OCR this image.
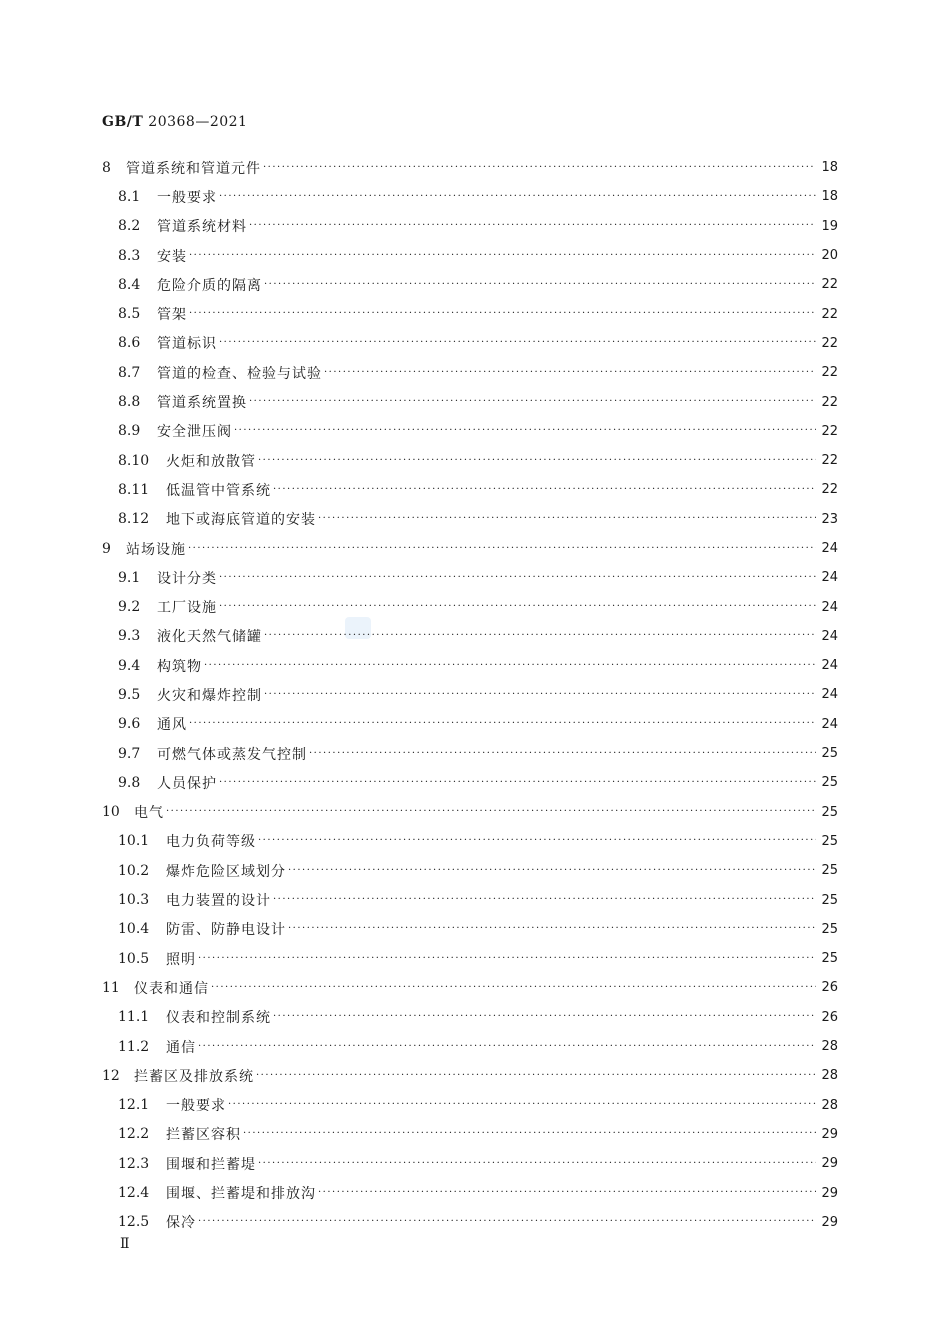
GB/T 20368—2021
8	管道系统和管道元件 ·····	18
8.1	一般要求 ·····	18
8.2	管道系统材料 ·····	19
8.3	安装 ·····	20
8.4	危险介质的隔离 ·····	22
8.5	管架 ·····	22
8.6	管道标识 ·····	22
8.7	管道的检查、检验与试验 ·····	22
8.8	管道系统置换 ·····	22
8.9	安全泄压阀 ·····	22
8.10	火炬和放散管 ·····	22
8.11	低温管中管系统 ·····	22
8.12	地下或海底管道的安装 ·····	23
9	站场设施 ·····	24
9.1	设计分类 ·····	24
9.2	工厂设施 ·····	24
9.3	液化天然气储罐 ·····	24
9.4	构筑物 ·····	24
9.5	火灾和爆炸控制 ·····	24
9.6	通风 ·····	24
9.7	可燃气体或蒸发气控制 ·····	25
9.8	人员保护 ·····	25
10	电气 ·····	25
10.1	电力负荷等级 ·····	25
10.2	爆炸危险区域划分 ·····	25
10.3	电力装置的设计 ·····	25
10.4	防雷、防静电设计 ·····	25
10.5	照明 ·····	25
11	仪表和通信 ·····	26
11.1	仪表和控制系统 ·····	26
11.2	通信 ·····	28
12	拦蓄区及排放系统 ·····	28
12.1	一般要求 ·····	28
12.2	拦蓄区容积 ·····	29
12.3	围堰和拦蓄堤 ·····	29
12.4	围堰、拦蓄堤和排放沟 ·····	29
12.5	保冷 ·····	29
Ⅱ
